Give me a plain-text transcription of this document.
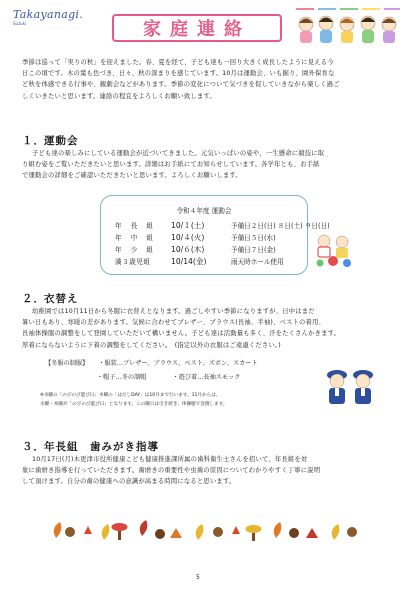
Takayanagi.
Suzuki	家庭連絡

季節は巡って「実りの秋」を迎えました。春、夏を経て、子ども達も一回り大きく成長したように見える今

日この頃です。木の葉も色づき、日々、秋の深まりを感じています。10月は運動会、いも掘り、園外保育な

ど秋を体感できる行事や、観劇会などがあります。季節の変化について気づきを促していきながら楽しく過ご

しくいきたいと思います。連絡の程宜をよろしくお願い致します。

１．運動会

子ども達の楽しみにしている運動会が近づいてきました。元気いっぱいの姿や、一生懸命に競技に取

り組む姿をご覧いただきたいと思います。詳細はお手紙にてお知らせしています。各学年とも、お手紙

で運動会の詳細をご確認いただきたいと思います。よろしくお願いします。

令和４年度 運動会
年 長 組 10/１(土)	予備日２日(日) ８日(土) ９日(日)
年 中 組 10/４(火)	予備日５日(水)
年 少 組 10/６(木)	予備日７日(金)
満３歳児組	10/14(金)	雨天時ホール使用
２．衣替え

幼稚園では10月11日から冬服に衣替えとなります。過ごしやすい季節になりますが、日中はまだ

暑い日もあり、寒暖の差があります。気候に合わせてブレザー、ブラウス(長袖、半袖)、ベストの着用、

長袖体操服の調整をして登園していただいて構いません。子ども達は活動量も多く、汗をたくさんかきます。

厚着にならないように下着の調整をしてください。　(指定以外の衣服はご遠慮ください。)

【冬服の制服】 ・服装…ブレザー、ブラウス、ベスト、ズボン、スカート
・帽子…冬の制帽	・遊び着…長袖スモック
※水曜の「のびのび遊び日」木曜の「はだしDAY」は10月まで行います。11月からは、
水曜・木曜が「のびのび遊び日」となります。この曜日は引き続き、体操服で登園します。
３．年長組　歯みがき指導

10月17日(月)木更津市役所健康こども健康推進課所属の歯科衛生士さんを招いて、年長組を対

象に歯磨き指導を行っていただきます。歯磨きの重要性や虫歯の原因についてわかりやすく丁寧に説明

して頂けます。自分の歯の健康への意識が高まる時間になると思います。

5
